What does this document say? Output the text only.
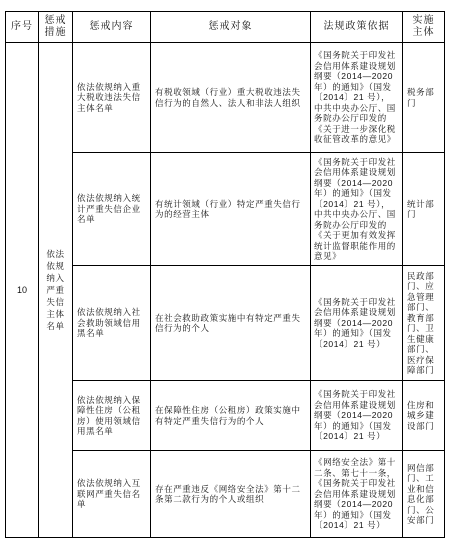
序号
惩戒措施
惩戒内容	惩戒对象	法规政策依据
实施主体
10
依法依规纳入严重失信主体名单
依法依规纳入重大税收违法失信主体名单
有税收领域（行业）重大税收违法失信行为的自然人、法人和非法人组织
《国务院关于印发社会信用体系建设规划纲要（2014—2020 年）的通知》（国发〔2014〕21 号），中共中央办公厅、国务院办公厅印发的《关于进一步深化税收征管改革的意见》
税务部门
依法依规纳入统计严重失信企业名单
有统计领域（行业）特定严重失信行为的经营主体
《国务院关于印发社会信用体系建设规划纲要（2014—2020 年）的通知》（国发〔2014〕21 号），中共中央办公厅、国务院办公厅印发的《关于更加有效发挥统计监督职能作用的意见》
统计部门
依法依规纳入社会救助领域信用黑名单
在社会救助政策实施中有特定严重失信行为的个人
《国务院关于印发社会信用体系建设规划纲要（2014—2020 年）的通知》（国发〔2014〕21 号）
民政部门、应急管理部门、教育部门、卫生健康部门、医疗保障部门
依法依规纳入保障性住房（公租房）使用领域信用黑名单
在保障性住房（公租房）政策实施中有特定严重失信行为的个人
《国务院关于印发社会信用体系建设规划纲要（2014—2020 年）的通知》（国发〔2014〕21 号）
住房和城乡建设部门
依法依规纳入互联网严重失信名单
存在严重违反《网络安全法》第十二条第二款行为的个人或组织
《网络安全法》第十二条、第七十一条，《国务院关于印发社会信用体系建设规划纲要（2014—2020 年）的通知》（国发〔2014〕21 号）
网信部门、工业和信息化部门、公安部门
